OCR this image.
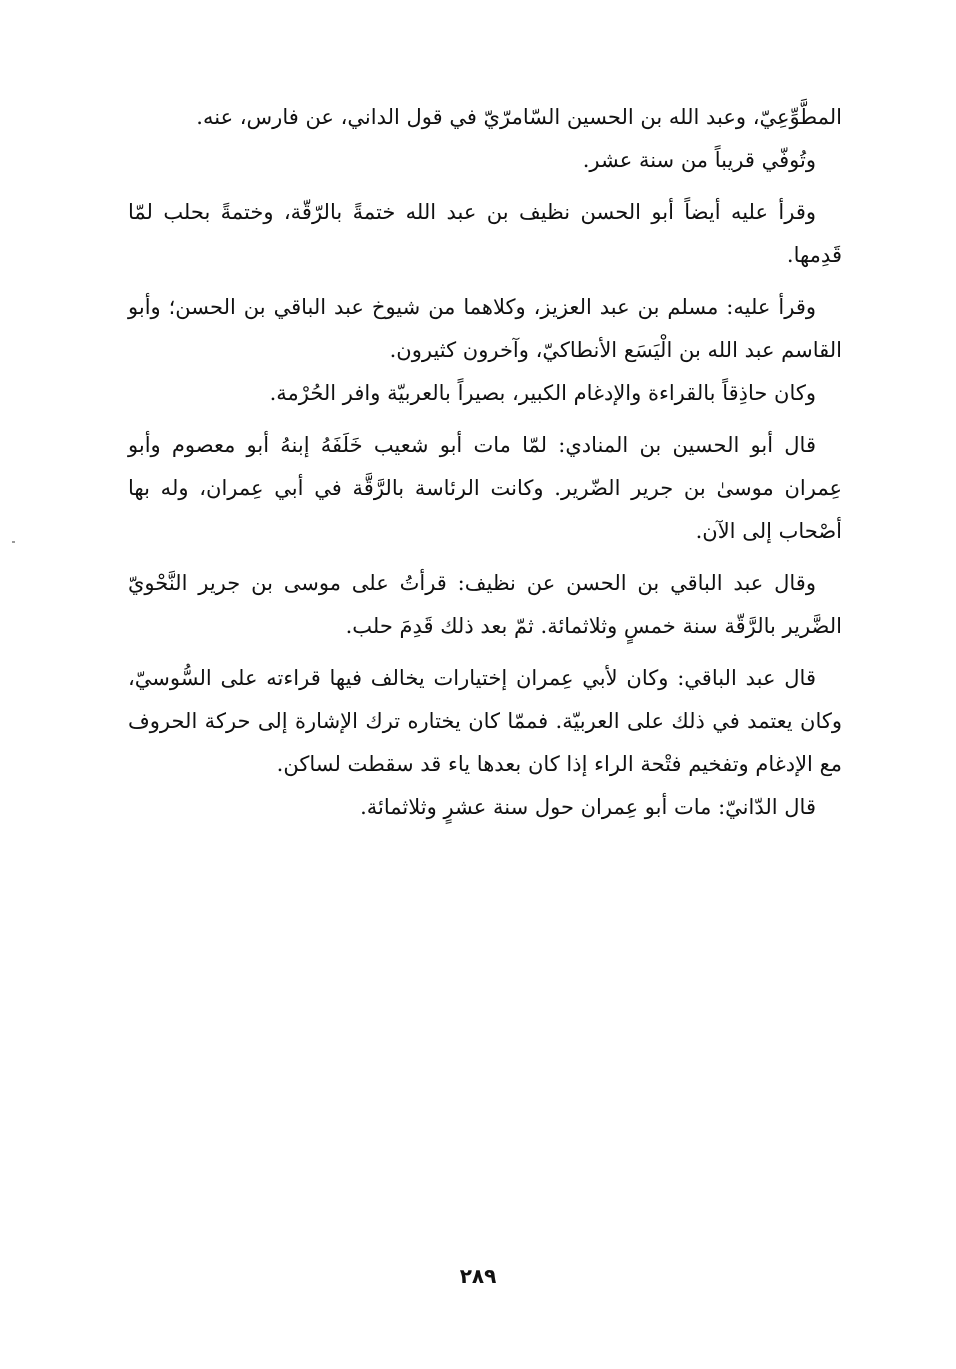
المطَّوِّعِيّ، وعبد الله بن الحسين السّامرّيّ في قول الداني، عن فارس، عنه.

وتُوفّي قريباً من سنة عشر.

وقرأ عليه أيضاً أبو الحسن نظيف بن عبد الله ختمةً بالرّقّة، وختمةً بحلب لمّا قَدِمها.

وقرأ عليه: مسلم بن عبد العزيز، وكلاهما من شيوخ عبد الباقي بن الحسن؛ وأبو القاسم عبد الله بن الْيَسَع الأنطاكيّ، وآخرون كثيرون.

وكان حاذِقاً بالقراءة والإدغام الكبير، بصيراً بالعربيّة وافر الحُرْمة.

قال أبو الحسين بن المنادي: لمّا مات أبو شعيب خَلَفَهُ إبنهُ أبو معصوم وأبو عِمران موسىٰ بن جرير الضّرير. وكانت الرئاسة بالرَّقَّة في أبي عِمران، وله بها أصْحاب إلى الآن.

وقال عبد الباقي بن الحسن عن نظيف: قرأتُ على موسى بن جرير النَّحْويّ الضَّرير بالرَّقّة سنة خمسٍ وثلاثمائة. ثمّ بعد ذلك قَدِمَ حلب.

قال عبد الباقي: وكان لأبي عِمران إختيارات يخالف فيها قراءته على السُّوسيّ، وكان يعتمد في ذلك على العربيّة. فممّا كان يختاره ترك الإشارة إلى حركة الحروف مع الإدغام وتفخيم فتْحة الراء إذا كان بعدها ياء قد سقطت لساكن.

قال الدّانيّ: مات أبو عِمران حول سنة عشرٍ وثلاثمائة.

٢٨٩
